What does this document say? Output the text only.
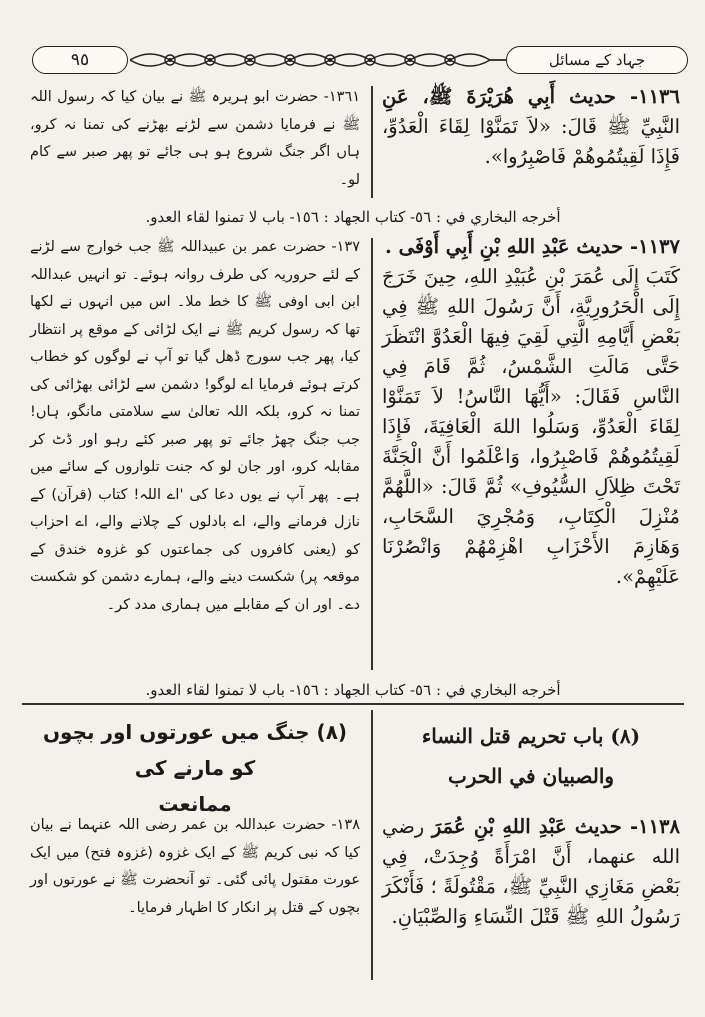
٩٥	جہاد کے مسائل
١١٣٦- حديث أَبِي هُرَيْرَةَ ﷺ، عَنِ النَّبِيِّ ﷺ قَالَ: «لاَ تَمَنَّوْا لِقَاءَ الْعَدُوِّ، فَإِذَا لَقِيتُمُوهُمْ فَاصْبِرُوا».
١٣٦١- حضرت ابو ہریرہ ﷺ نے بیان کیا کہ رسول اللہ ﷺ نے فرمایا دشمن سے لڑنے بھڑنے کی تمنا نہ کرو، ہاں اگر جنگ شروع ہو ہی جائے تو پھر صبر سے کام لو۔
أخرجه البخاري في : ٥٦- كتاب الجهاد : ١٥٦- باب لا تمنوا لقاء العدو.
١١٣٧- حديث عَبْدِ اللهِ بْنِ أَبِي أَوْفَى .
كَتَبَ إِلَى عُمَرَ بْنِ عُبَيْدِ اللهِ، حِينَ خَرَجَ إِلَى الْحَرُورِيَّةِ، أَنَّ رَسُولَ اللهِ ﷺ فِي بَعْضِ أَيَّامِهِ الَّتِي لَقِيَ فِيهَا الْعَدُوَّ انْتَظَرَ حَتَّى مَالَتِ الشَّمْسُ، ثُمَّ قَامَ فِي النَّاسِ فَقَالَ: «أَيُّهَا النَّاسُ! لاَ تَمَنَّوْا لِقَاءَ الْعَدُوِّ، وَسَلُوا اللهَ الْعَافِيَةَ، فَإِذَا لَقِيتُمُوهُمْ فَاصْبِرُوا، وَاعْلَمُوا أَنَّ الْجَنَّةَ تَحْتَ ظِلاَلِ السُّيُوفِ» ثُمَّ قَالَ: «اللَّهُمَّ مُنْزِلَ الْكِتَابِ، وَمُجْرِيَ السَّحَابِ، وَهَازِمَ الأَحْزَابِ اهْزِمْهُمْ وَانْصُرْنَا عَلَيْهِمْ».
١٣٧- حضرت عمر بن عبیداللہ ﷺ جب خوارج سے لڑنے کے لئے حروریہ کی طرف روانہ ہوئے۔ تو انہیں عبداللہ ابن ابی اوفی ﷺ کا خط ملا۔ اس میں انہوں نے لکھا تھا کہ رسول کریم ﷺ نے ایک لڑائی کے موقع پر انتظار کیا، پھر جب سورج ڈھل گیا تو آپ نے لوگوں کو خطاب کرتے ہوئے فرمایا اے لوگو! دشمن سے لڑائی بھڑائی کی تمنا نہ کرو، بلکہ اللہ تعالیٰ سے سلامتی مانگو، ہاں! جب جنگ چھڑ جائے تو پھر صبر کئے رہو اور ڈٹ کر مقابلہ کرو، اور جان لو کہ جنت تلواروں کے سائے میں ہے۔ پھر آپ نے یوں دعا کی 'اے اللہ! کتاب (قرآن) کے نازل فرمانے والے، اے بادلوں کے چلانے والے، اے احزاب کو (یعنی کافروں کی جماعتوں کو غزوہ خندق کے موقعہ پر) شکست دینے والے، ہمارے دشمن کو شکست دے۔ اور ان کے مقابلے میں ہماری مدد کر۔
أخرجه البخاري في : ٥٦- كتاب الجهاد : ١٥٦- باب لا تمنوا لقاء العدو.
(٨) باب تحريم قتل النساء
والصبيان في الحرب
(٨) جنگ میں عورتوں اور بچوں کو مارنے کی
ممانعت
١١٣٨- حديث عَبْدِ اللهِ بْنِ عُمَرَ رضي الله عنهما، أَنَّ امْرَأَةً وُجِدَتْ، فِي بَعْضِ مَغَازِي النَّبِيِّ ﷺ، مَقْتُولَةً ؛ فَأَنْكَرَ رَسُولُ اللهِ ﷺ قَتْلَ النِّسَاءِ وَالصِّبْيَانِ.
١٣٨- حضرت عبداللہ بن عمر رضی اللہ عنہما نے بیان کیا کہ نبی کریم ﷺ کے ایک غزوہ (غزوہ فتح) میں ایک عورت مقتول پائی گئی۔ تو آنحضرت ﷺ نے عورتوں اور بچوں کے قتل پر انکار کا اظہار فرمایا۔
